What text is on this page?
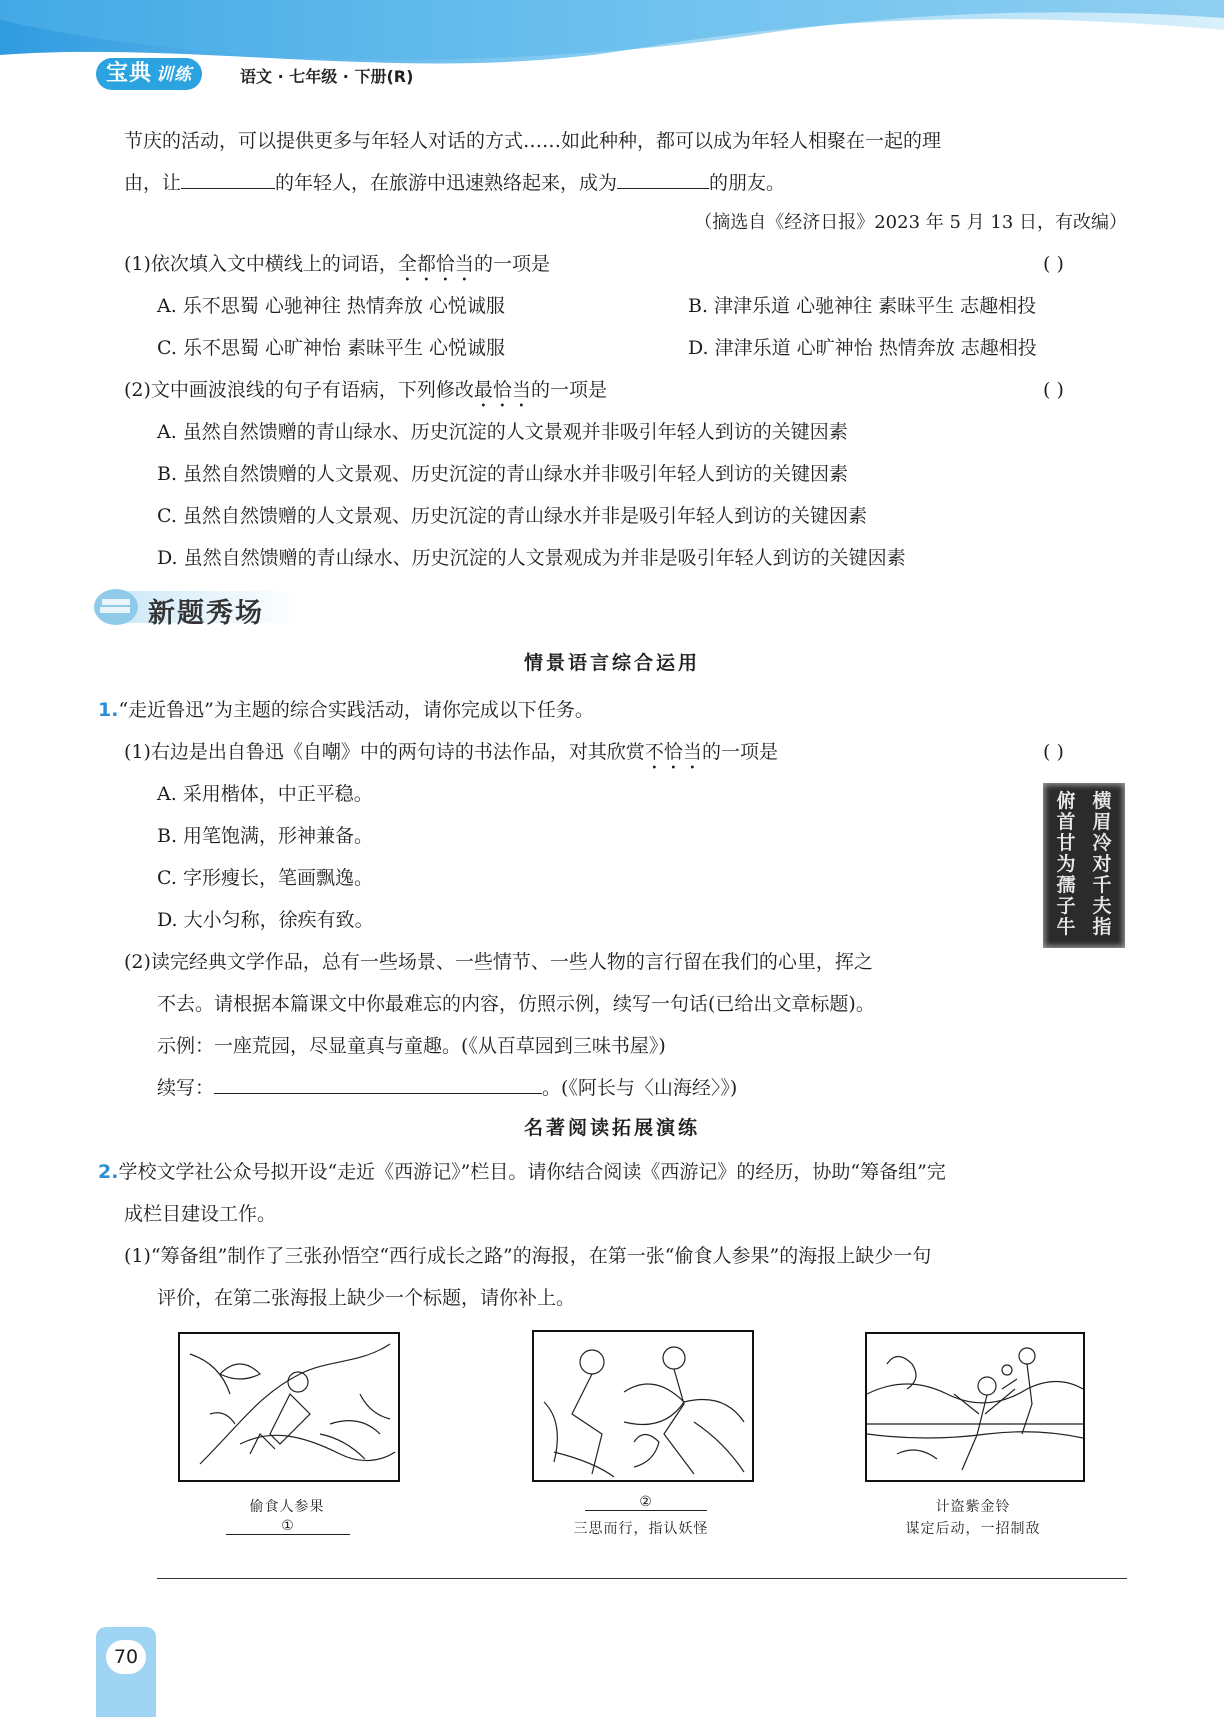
宝典 训练	语文 · 七年级 · 下册(R)
节庆的活动，可以提供更多与年轻人对话的方式……如此种种，都可以成为年轻人相聚在一起的理
由，让	的年轻人，在旅游中迅速熟络起来，成为	的朋友。
（摘选自《经济日报》2023 年 5 月 13 日，有改编）
(1)依次填入文中横线上的词语，全都恰当的一项是	( )
A. 乐不思蜀 心驰神往 热情奔放 心悦诚服	B. 津津乐道 心驰神往 素昧平生 志趣相投
C. 乐不思蜀 心旷神怡 素昧平生 心悦诚服	D. 津津乐道 心旷神怡 热情奔放 志趣相投
(2)文中画波浪线的句子有语病，下列修改最恰当的一项是	( )
A. 虽然自然馈赠的青山绿水、历史沉淀的人文景观并非吸引年轻人到访的关键因素
B. 虽然自然馈赠的人文景观、历史沉淀的青山绿水并非吸引年轻人到访的关键因素
C. 虽然自然馈赠的人文景观、历史沉淀的青山绿水并非是吸引年轻人到访的关键因素
D. 虽然自然馈赠的青山绿水、历史沉淀的人文景观成为并非是吸引年轻人到访的关键因素
新题秀场
情景语言综合运用
1.“走近鲁迅”为主题的综合实践活动，请你完成以下任务。
(1)右边是出自鲁迅《自嘲》中的两句诗的书法作品，对其欣赏不恰当的一项是	( )
A. 采用楷体，中正平稳。
B. 用笔饱满，形神兼备。
C. 字形瘦长，笔画飘逸。
D. 大小匀称，徐疾有致。
横眉冷对千夫指
俯首甘为孺子牛
(2)读完经典文学作品，总有一些场景、一些情节、一些人物的言行留在我们的心里，挥之
不去。请根据本篇课文中你最难忘的内容，仿照示例，续写一句话(已给出文章标题)。
示例：一座荒园，尽显童真与童趣。(《从百草园到三味书屋》)
续写：	。(《阿长与〈山海经〉》)
名著阅读拓展演练
2.学校文学社公众号拟开设“走近《西游记》”栏目。请你结合阅读《西游记》的经历，协助“筹备组”完
成栏目建设工作。
(1)“筹备组”制作了三张孙悟空“西行成长之路”的海报，在第一张“偷食人参果”的海报上缺少一句
评价，在第二张海报上缺少一个标题，请你补上。
偷食人参果
①
②
三思而行，指认妖怪
计盗紫金铃
谋定后动，一招制敌
70
